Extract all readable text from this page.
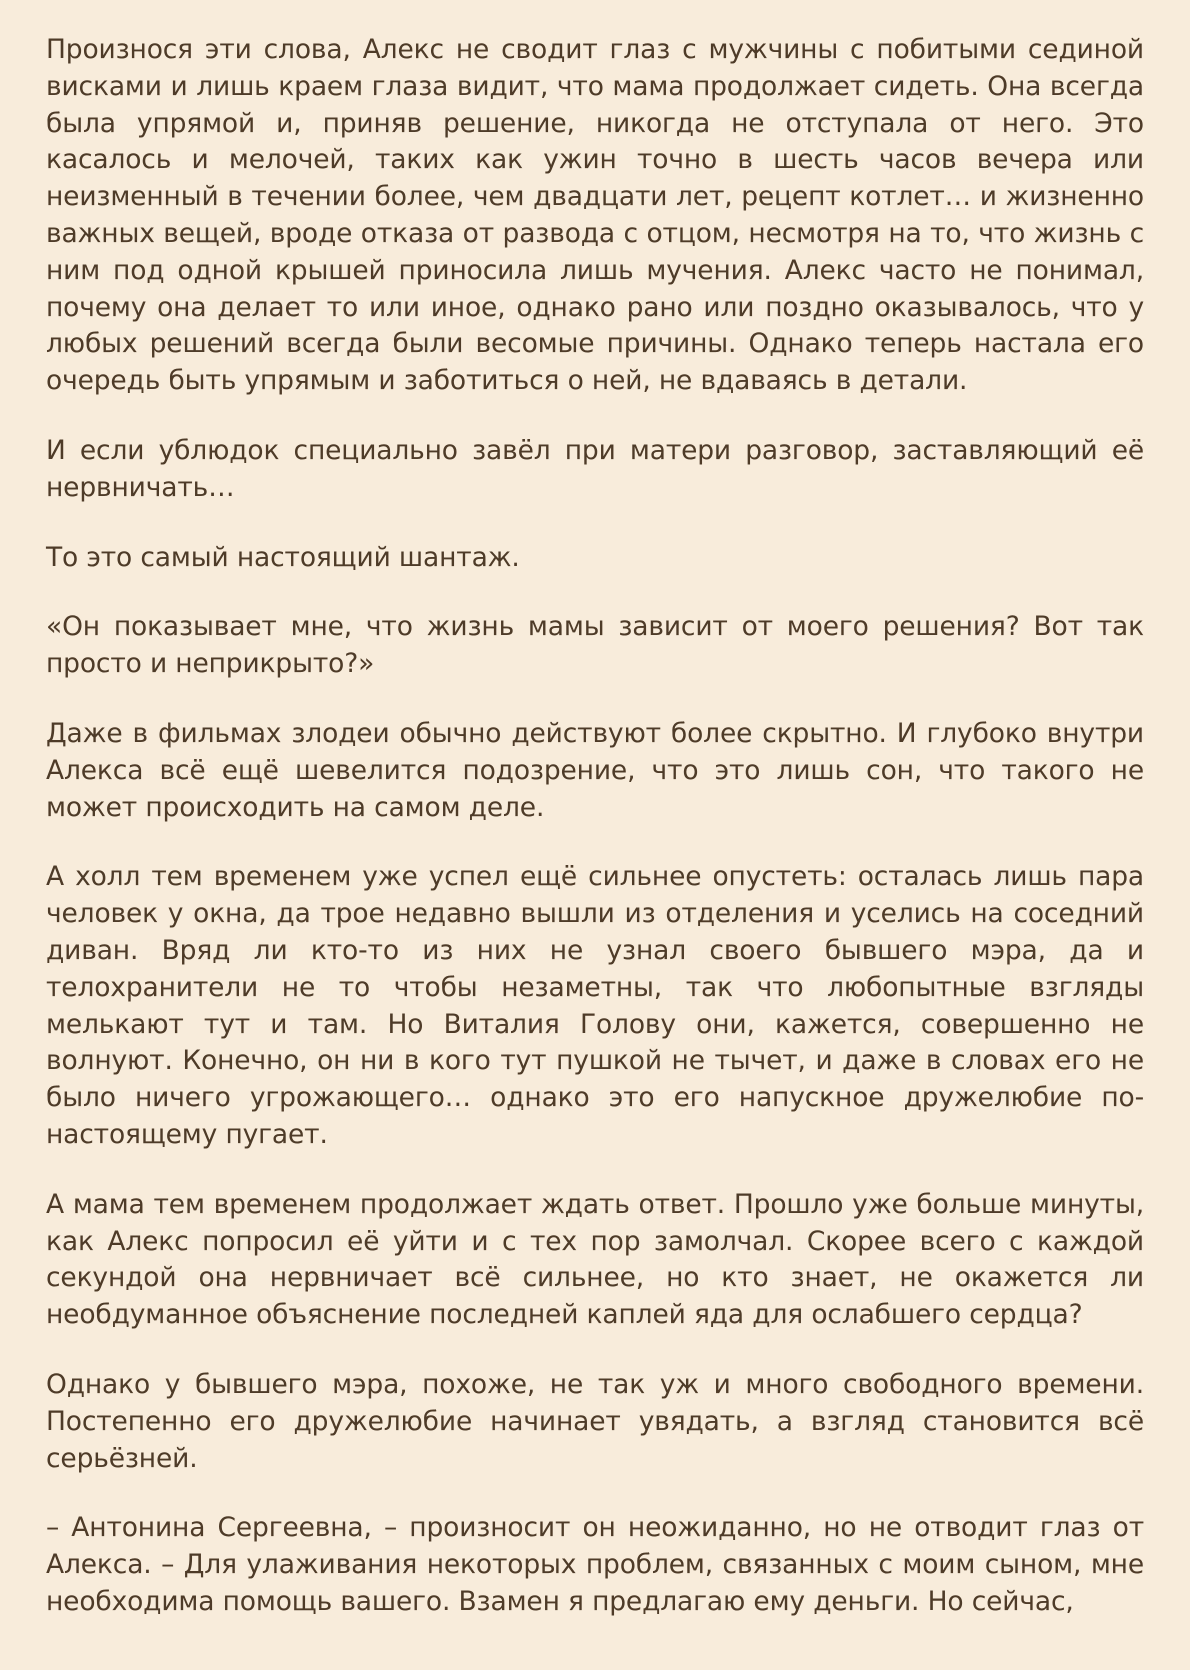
Произнося эти слова, Алекс не сводит глаз с мужчины с побитыми сединой висками и лишь краем глаза видит, что мама продолжает сидеть. Она всегда была упрямой и, приняв решение, никогда не отступала от него. Это касалось и мелочей, таких как ужин точно в шесть часов вечера или неизменный в течении более, чем двадцати лет, рецепт котлет… и жизненно важных вещей, вроде отказа от развода с отцом, несмотря на то, что жизнь с ним под одной крышей приносила лишь мучения. Алекс часто не понимал, почему она делает то или иное, однако рано или поздно оказывалось, что у любых решений всегда были весомые причины. Однако теперь настала его очередь быть упрямым и заботиться о ней, не вдаваясь в детали.

И если ублюдок специально завёл при матери разговор, заставляющий её нервничать…

То это самый настоящий шантаж.

«Он показывает мне, что жизнь мамы зависит от моего решения? Вот так просто и неприкрыто?»

Даже в фильмах злодеи обычно действуют более скрытно. И глубоко внутри Алекса всё ещё шевелится подозрение, что это лишь сон, что такого не может происходить на самом деле.

А холл тем временем уже успел ещё сильнее опустеть: осталась лишь пара человек у окна, да трое недавно вышли из отделения и уселись на соседний диван. Вряд ли кто-то из них не узнал своего бывшего мэра, да и телохранители не то чтобы незаметны, так что любопытные взгляды мелькают тут и там. Но Виталия Голову они, кажется, совершенно не волнуют. Конечно, он ни в кого тут пушкой не тычет, и даже в словах его не было ничего угрожающего… однако это его напускное дружелюбие по-настоящему пугает.

А мама тем временем продолжает ждать ответ. Прошло уже больше минуты, как Алекс попросил её уйти и с тех пор замолчал. Скорее всего с каждой секундой она нервничает всё сильнее, но кто знает, не окажется ли необдуманное объяснение последней каплей яда для ослабшего сердца?

Однако у бывшего мэра, похоже, не так уж и много свободного времени. Постепенно его дружелюбие начинает увядать, а взгляд становится всё серьёзней.

– Антонина Сергеевна, – произносит он неожиданно, но не отводит глаз от Алекса. – Для улаживания некоторых проблем, связанных с моим сыном, мне необходима помощь вашего. Взамен я предлагаю ему деньги. Но сейчас,
